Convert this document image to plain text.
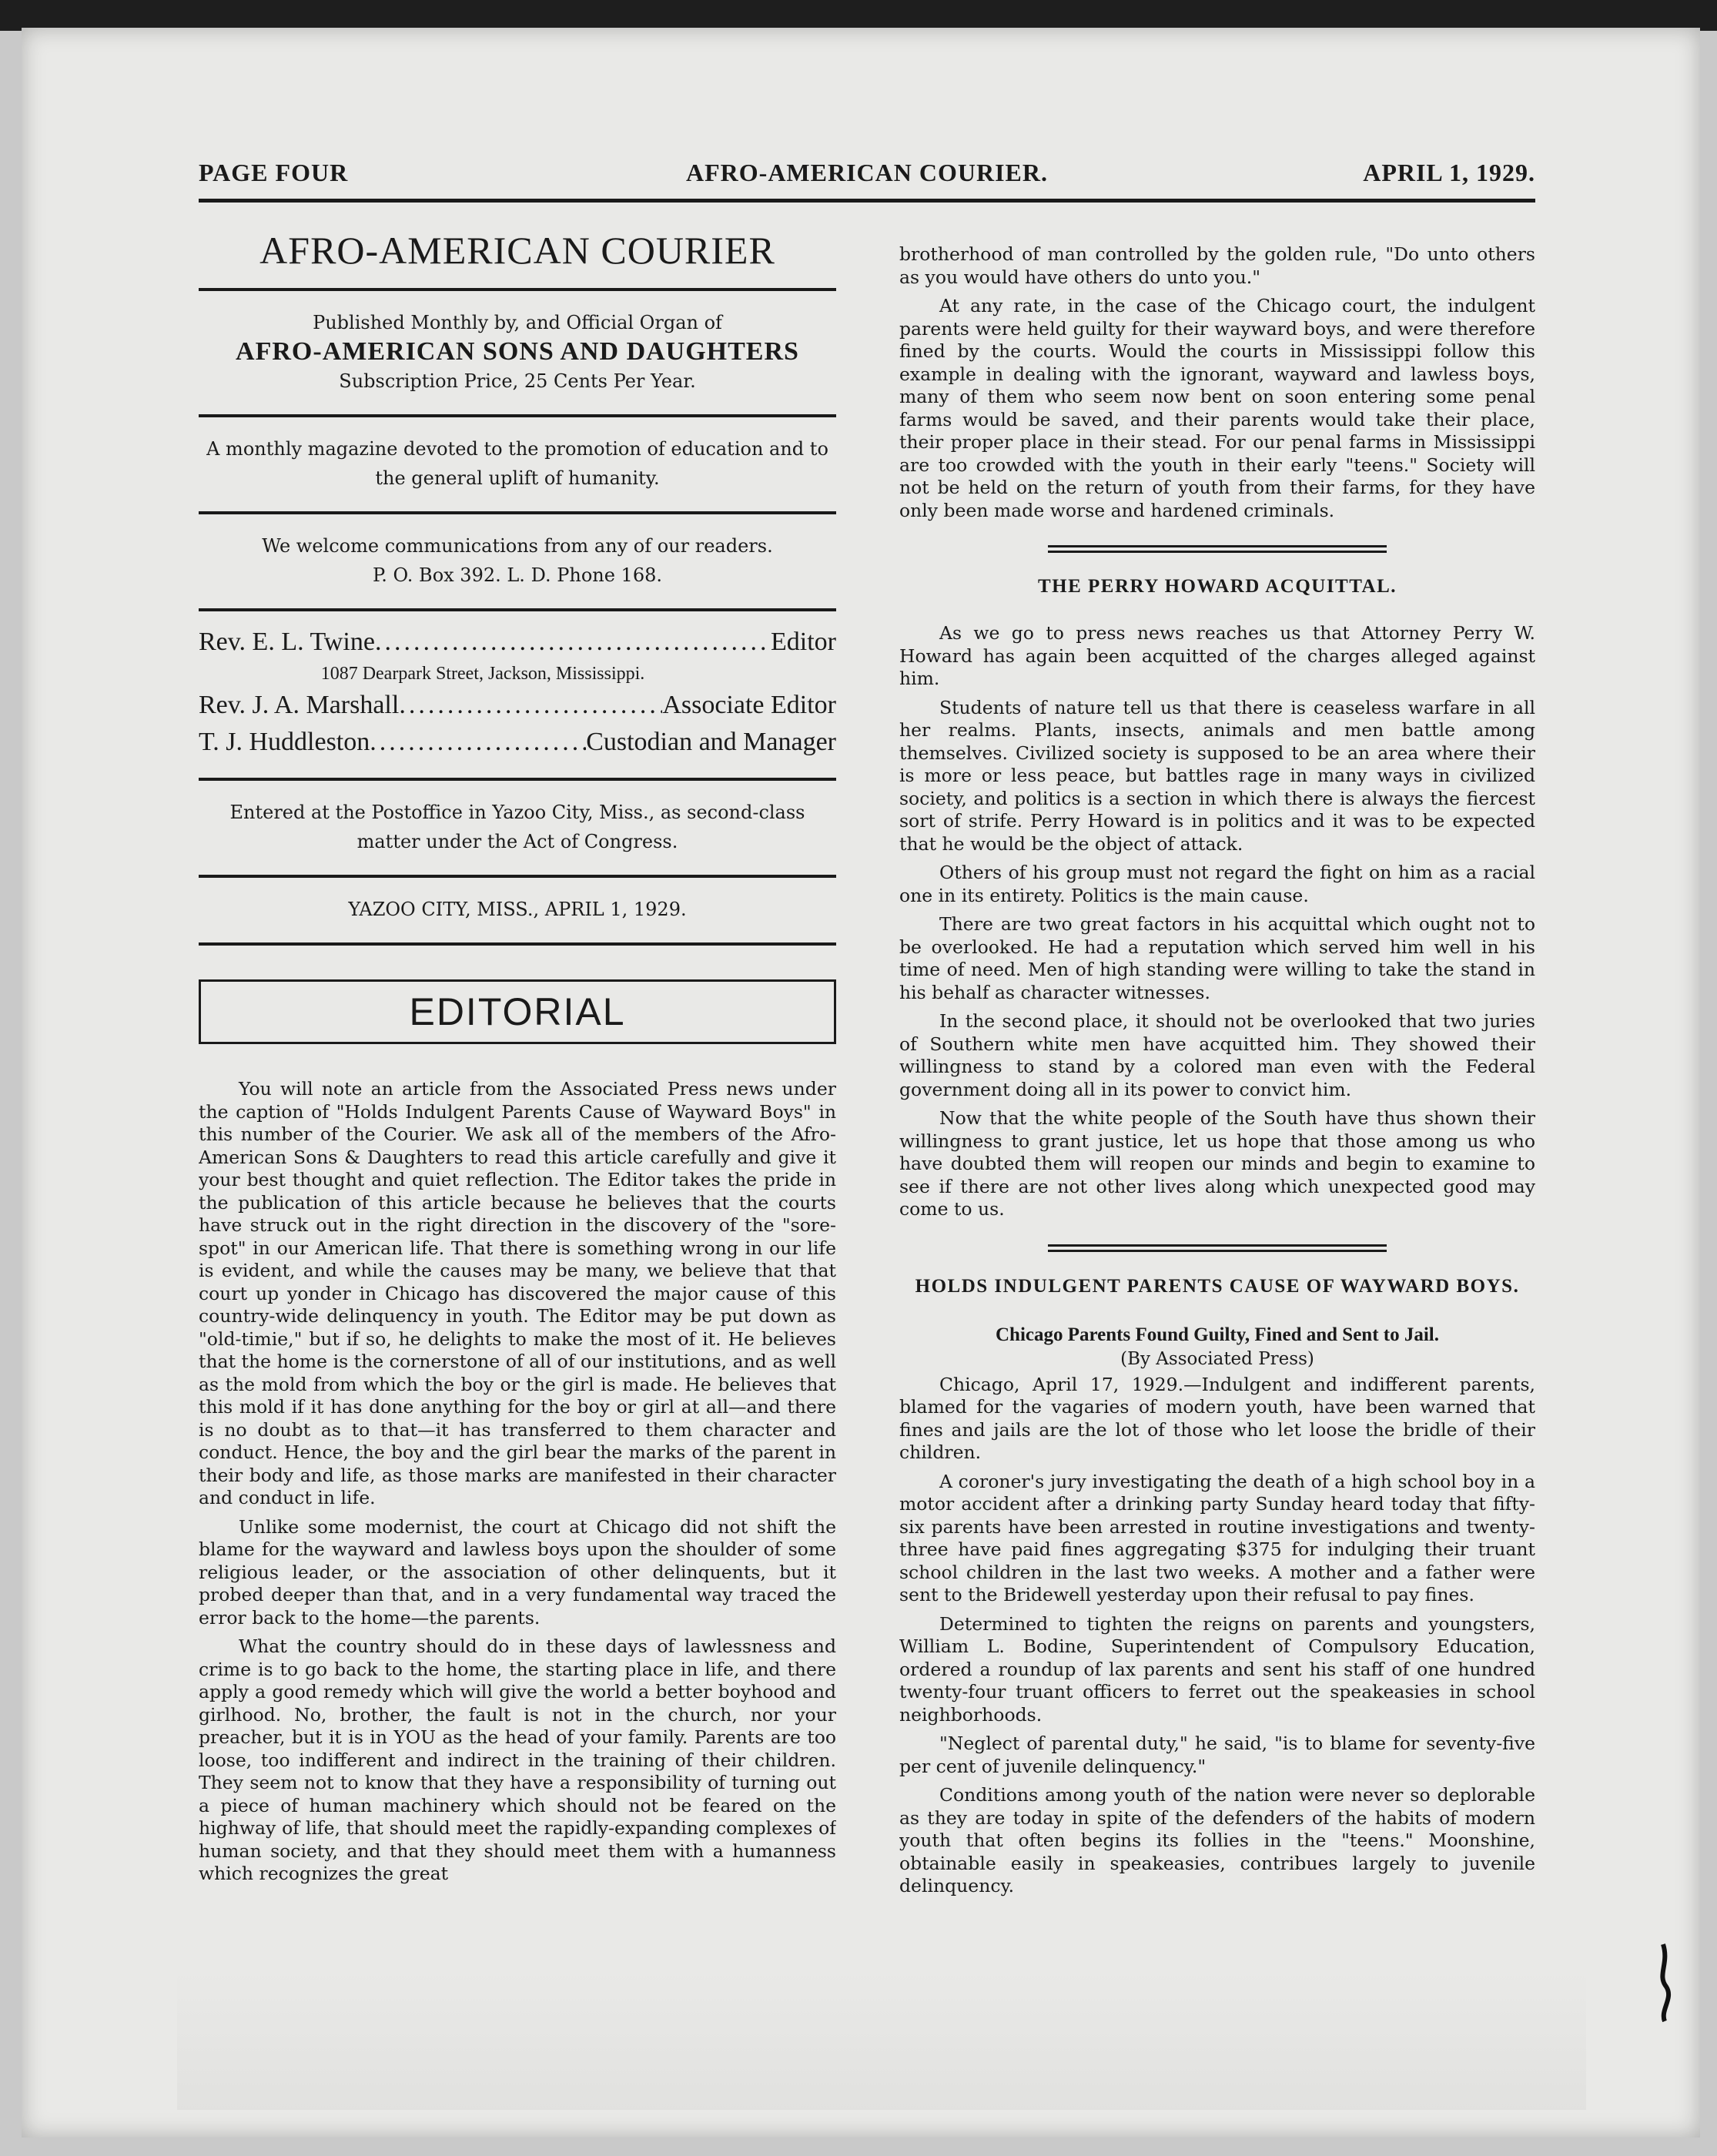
PAGE FOUR	AFRO-AMERICAN COURIER.	APRIL 1, 1929.
AFRO-AMERICAN COURIER
Published Monthly by, and Official Organ of
AFRO-AMERICAN SONS AND DAUGHTERS
Subscription Price, 25 Cents Per Year.
A monthly magazine devoted to the promotion of education and to the general uplift of humanity.
We welcome communications from any of our readers.
P. O. Box 392. L. D. Phone 168.
Rev. E. L. Twine .....	Editor
1087 Dearpark Street, Jackson, Mississippi.
Rev. J. A. Marshall .....	Associate Editor
T. J. Huddleston .....	Custodian and Manager
Entered at the Postoffice in Yazoo City, Miss., as second-class matter under the Act of Congress.
YAZOO CITY, MISS., APRIL 1, 1929.
EDITORIAL

You will note an article from the Associated Press news under the caption of "Holds Indulgent Parents Cause of Wayward Boys" in this number of the Courier. We ask all of the members of the Afro-American Sons & Daughters to read this article carefully and give it your best thought and quiet reflection. The Editor takes the pride in the publication of this article because he believes that the courts have struck out in the right direction in the discovery of the "sore-spot" in our American life. That there is something wrong in our life is evident, and while the causes may be many, we believe that that court up yonder in Chicago has discovered the major cause of this country-wide delinquency in youth. The Editor may be put down as "old-timie," but if so, he delights to make the most of it. He believes that the home is the cornerstone of all of our institutions, and as well as the mold from which the boy or the girl is made. He believes that this mold if it has done anything for the boy or girl at all—and there is no doubt as to that—it has transferred to them character and conduct. Hence, the boy and the girl bear the marks of the parent in their body and life, as those marks are manifested in their character and conduct in life.

Unlike some modernist, the court at Chicago did not shift the blame for the wayward and lawless boys upon the shoulder of some religious leader, or the association of other delinquents, but it probed deeper than that, and in a very fundamental way traced the error back to the home—the parents.

What the country should do in these days of lawlessness and crime is to go back to the home, the starting place in life, and there apply a good remedy which will give the world a better boyhood and girlhood. No, brother, the fault is not in the church, nor your preacher, but it is in YOU as the head of your family. Parents are too loose, too indifferent and indirect in the training of their children. They seem not to know that they have a responsibility of turning out a piece of human machinery which should not be feared on the highway of life, that should meet the rapidly-expanding complexes of human society, and that they should meet them with a humanness which recognizes the great

brotherhood of man controlled by the golden rule, "Do unto others as you would have others do unto you."

At any rate, in the case of the Chicago court, the indulgent parents were held guilty for their wayward boys, and were therefore fined by the courts. Would the courts in Mississippi follow this example in dealing with the ignorant, wayward and lawless boys, many of them who seem now bent on soon entering some penal farms would be saved, and their parents would take their place, their proper place in their stead. For our penal farms in Mississippi are too crowded with the youth in their early "teens." Society will not be held on the return of youth from their farms, for they have only been made worse and hardened criminals.

THE PERRY HOWARD ACQUITTAL.

As we go to press news reaches us that Attorney Perry W. Howard has again been acquitted of the charges alleged against him.

Students of nature tell us that there is ceaseless warfare in all her realms. Plants, insects, animals and men battle among themselves. Civilized society is supposed to be an area where their is more or less peace, but battles rage in many ways in civilized society, and politics is a section in which there is always the fiercest sort of strife. Perry Howard is in politics and it was to be expected that he would be the object of attack.

Others of his group must not regard the fight on him as a racial one in its entirety. Politics is the main cause.

There are two great factors in his acquittal which ought not to be overlooked. He had a reputation which served him well in his time of need. Men of high standing were willing to take the stand in his behalf as character witnesses.

In the second place, it should not be overlooked that two juries of Southern white men have acquitted him. They showed their willingness to stand by a colored man even with the Federal government doing all in its power to convict him.

Now that the white people of the South have thus shown their willingness to grant justice, let us hope that those among us who have doubted them will reopen our minds and begin to examine to see if there are not other lives along which unexpected good may come to us.

HOLDS INDULGENT PARENTS CAUSE OF WAYWARD BOYS.
Chicago Parents Found Guilty, Fined and Sent to Jail.
(By Associated Press)

Chicago, April 17, 1929.—Indulgent and indifferent parents, blamed for the vagaries of modern youth, have been warned that fines and jails are the lot of those who let loose the bridle of their children.

A coroner's jury investigating the death of a high school boy in a motor accident after a drinking party Sunday heard today that fifty-six parents have been arrested in routine investigations and twenty-three have paid fines aggregating $375 for indulging their truant school children in the last two weeks. A mother and a father were sent to the Bridewell yesterday upon their refusal to pay fines.

Determined to tighten the reigns on parents and youngsters, William L. Bodine, Superintendent of Compulsory Education, ordered a roundup of lax parents and sent his staff of one hundred twenty-four truant officers to ferret out the speakeasies in school neighborhoods.

"Neglect of parental duty," he said, "is to blame for seventy-five per cent of juvenile delinquency."

Conditions among youth of the nation were never so deplorable as they are today in spite of the defenders of the habits of modern youth that often begins its follies in the "teens." Moonshine, obtainable easily in speakeasies, contribues largely to juvenile delinquency.
